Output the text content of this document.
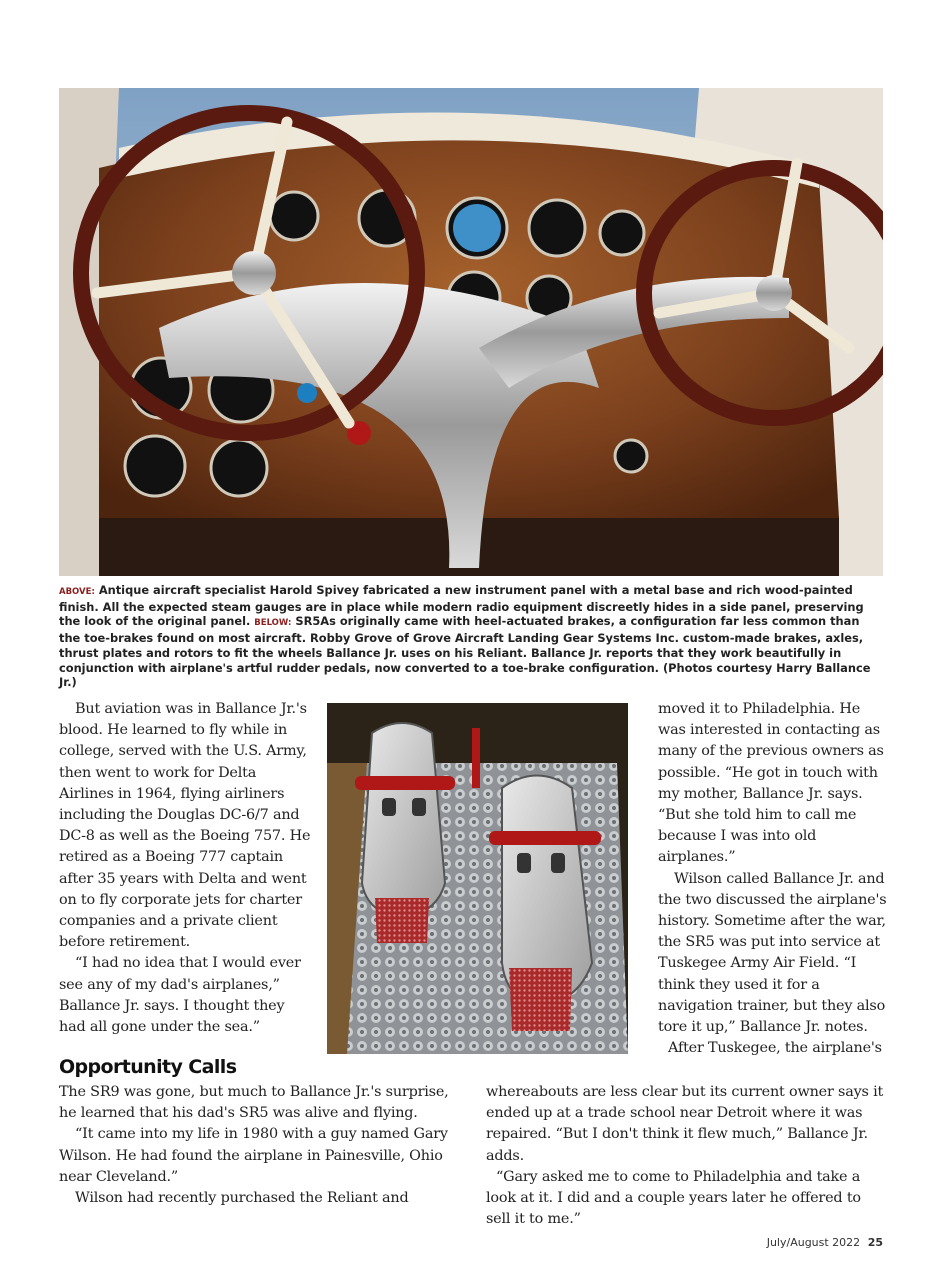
ABOVE: Antique aircraft specialist Harold Spivey fabricated a new instrument panel with a metal base and rich wood-painted finish. All the expected steam gauges are in place while modern radio equipment discreetly hides in a side panel, preserving the look of the original panel. BELOW: SR5As originally came with heel-actuated brakes, a configuration far less common than the toe-brakes found on most aircraft. Robby Grove of Grove Aircraft Landing Gear Systems Inc. custom-made brakes, axles, thrust plates and rotors to fit the wheels Ballance Jr. uses on his Reliant. Ballance Jr. reports that they work beautifully in conjunction with airplane's artful rudder pedals, now converted to a toe-brake configuration. (Photos courtesy Harry Ballance Jr.)

But aviation was in Ballance Jr.'s blood. He learned to fly while in college, served with the U.S. Army, then went to work for Delta Airlines in 1964, flying airliners including the Douglas DC-6/7 and DC-8 as well as the Boeing 757. He retired as a Boeing 777 captain after 35 years with Delta and went on to fly corporate jets for charter companies and a private client before retirement.

“I had no idea that I would ever see any of my dad's airplanes,” Ballance Jr. says. I thought they had all gone under the sea.”

moved it to Philadelphia. He was interested in contacting as many of the previous owners as possible. “He got in touch with my mother, Ballance Jr. says. “But she told him to call me because I was into old airplanes.”

Wilson called Ballance Jr. and the two discussed the airplane's history. Sometime after the war, the SR5 was put into service at Tuskegee Army Air Field. “I think they used it for a navigation trainer, but they also tore it up,” Ballance Jr. notes.

After Tuskegee, the airplane's

Opportunity Calls

The SR9 was gone, but much to Ballance Jr.'s surprise, he learned that his dad's SR5 was alive and flying.

“It came into my life in 1980 with a guy named Gary Wilson. He had found the airplane in Painesville, Ohio near Cleveland.”

Wilson had recently purchased the Reliant and

whereabouts are less clear but its current owner says it ended up at a trade school near Detroit where it was repaired. “But I don't think it flew much,” Ballance Jr. adds.

“Gary asked me to come to Philadelphia and take a look at it. I did and a couple years later he offered to sell it to me.”

July/August 2022 25
